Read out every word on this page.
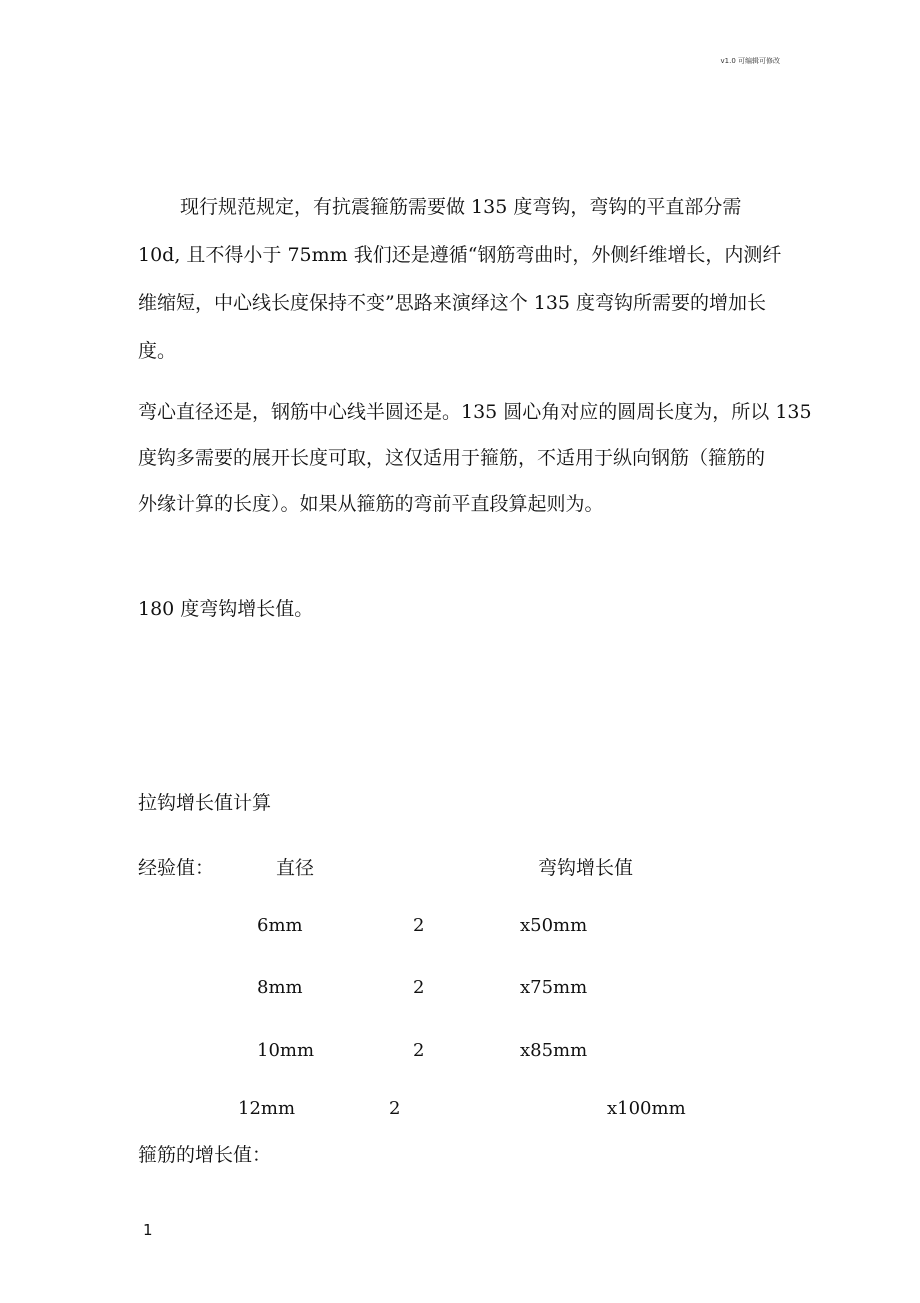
v1.0 可编辑可修改
现行规范规定，有抗震箍筋需要做 135 度弯钩，弯钩的平直部分需
10d, 且不得小于 75mm 我们还是遵循“钢筋弯曲时，外侧纤维增长，内测纤
维缩短，中心线长度保持不变”思路来演绎这个 135 度弯钩所需要的增加长
度。
弯心直径还是，钢筋中心线半圆还是。135 圆心角对应的圆周长度为，所以 135
度钩多需要的展开长度可取，这仅适用于箍筋，不适用于纵向钢筋（箍筋的
外缘计算的长度）。如果从箍筋的弯前平直段算起则为。
180 度弯钩增长值。
拉钩增长值计算
经验值：	直径	弯钩增长值
6mm	2	x50mm
8mm	2	x75mm
10mm	2	x85mm
12mm	2	x100mm
箍筋的增长值：
1
